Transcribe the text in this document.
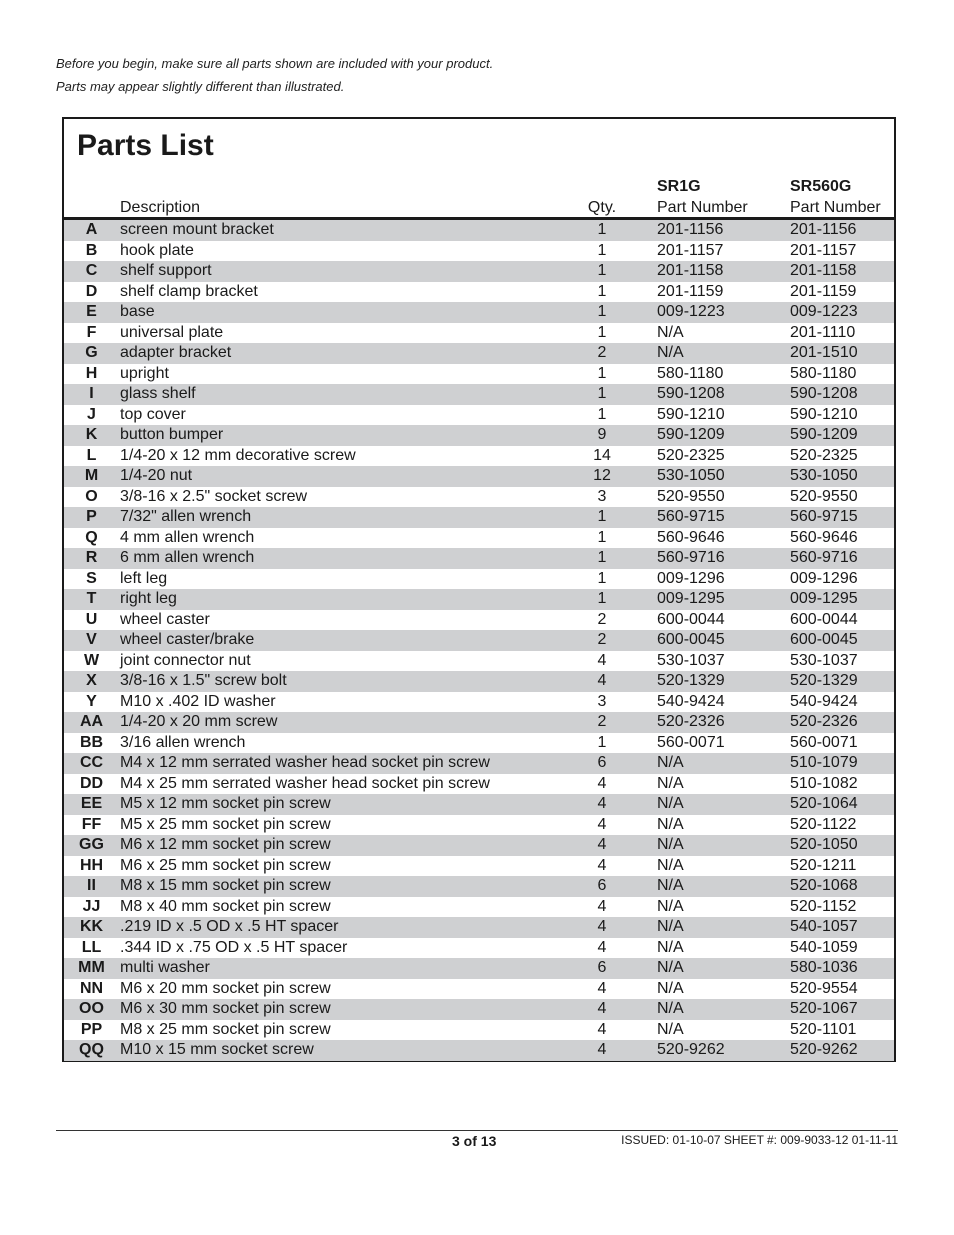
Before you begin, make sure all parts shown are included with your product.
Parts may appear slightly different than illustrated.
Parts List
SR1G	SR560G
Description	Qty.	Part Number	Part Number
A	screen mount bracket	1	201-1156	201-1156
B	hook plate	1	201-1157	201-1157
C	shelf support	1	201-1158	201-1158
D	shelf clamp bracket	1	201-1159	201-1159
E	base	1	009-1223	009-1223
F	universal plate	1	N/A	201-1110
G	adapter bracket	2	N/A	201-1510
H	upright	1	580-1180	580-1180
I	glass shelf	1	590-1208	590-1208
J	top cover	1	590-1210	590-1210
K	button bumper	9	590-1209	590-1209
L	1/4-20 x 12 mm decorative screw	14	520-2325	520-2325
M	1/4-20 nut	12	530-1050	530-1050
O	3/8-16 x 2.5" socket screw	3	520-9550	520-9550
P	7/32" allen wrench	1	560-9715	560-9715
Q	4 mm allen wrench	1	560-9646	560-9646
R	6 mm allen wrench	1	560-9716	560-9716
S	left leg	1	009-1296	009-1296
T	right leg	1	009-1295	009-1295
U	wheel caster	2	600-0044	600-0044
V	wheel caster/brake	2	600-0045	600-0045
W	joint connector nut	4	530-1037	530-1037
X	3/8-16 x 1.5" screw bolt	4	520-1329	520-1329
Y	M10 x .402 ID washer	3	540-9424	540-9424
AA	1/4-20 x 20 mm screw	2	520-2326	520-2326
BB	3/16 allen wrench	1	560-0071	560-0071
CC	M4 x 12 mm serrated washer head socket pin screw	6	N/A	510-1079
DD	M4 x 25 mm serrated washer head socket pin screw	4	N/A	510-1082
EE	M5 x 12 mm socket pin screw	4	N/A	520-1064
FF	M5 x 25 mm socket pin screw	4	N/A	520-1122
GG	M6 x 12 mm socket pin screw	4	N/A	520-1050
HH	M6 x 25 mm socket pin screw	4	N/A	520-1211
II	M8 x 15 mm socket pin screw	6	N/A	520-1068
JJ	M8 x 40 mm socket pin screw	4	N/A	520-1152
KK	.219 ID x .5 OD x .5 HT spacer	4	N/A	540-1057
LL	.344 ID x .75 OD x .5 HT spacer	4	N/A	540-1059
MM multi washer	6	N/A	580-1036
NN	M6 x 20 mm socket pin screw	4	N/A	520-9554
OO	M6 x 30 mm socket pin screw	4	N/A	520-1067
PP	M8 x 25 mm socket pin screw	4	N/A	520-1101
QQ	M10 x 15 mm socket screw	4	520-9262	520-9262
3 of 13	ISSUED: 01-10-07 SHEET #: 009-9033-12 01-11-11
